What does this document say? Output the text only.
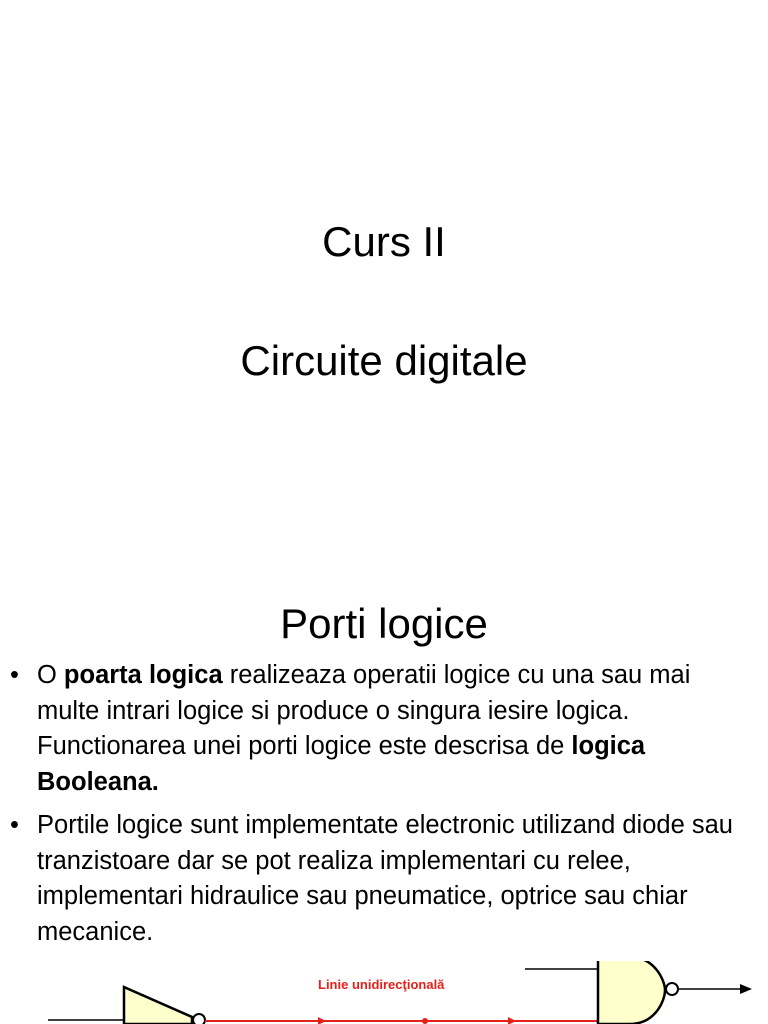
Curs II
Circuite digitale
Porti logice
• O poarta logica realizeaza operatii logice cu una sau mai multe intrari logice si produce o singura iesire logica. Functionarea unei porti logice este descrisa de logica Booleana.
• Portile logice sunt implementate electronic utilizand diode sau tranzistoare dar se pot realiza implementari cu relee, implementari hidraulice sau pneumatice, optrice sau chiar mecanice.
Linie unidirecţională
